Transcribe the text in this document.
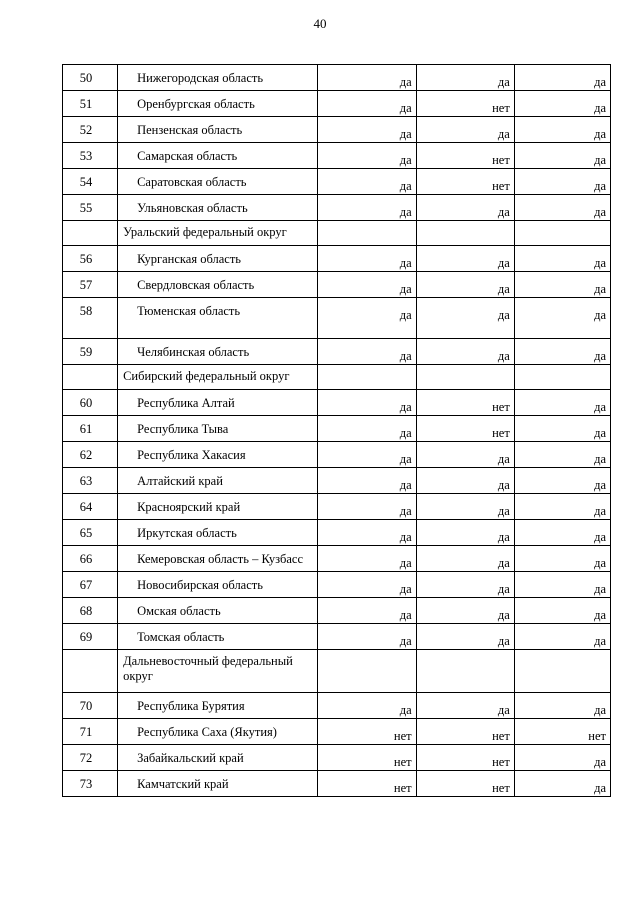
40
50	Нижегородская область	да	да	да
51	Оренбургская область	да	нет	да
52	Пензенская область	да	да	да
53	Самарская область	да	нет	да
54	Саратовская область	да	нет	да
55	Ульяновская область	да	да	да
	Уральский федеральный округ			
56	Курганская область	да	да	да
57	Свердловская область	да	да	да
58	Тюменская область	да	да	да
59	Челябинская область	да	да	да
	Сибирский федеральный округ			
60	Республика Алтай	да	нет	да
61	Республика Тыва	да	нет	да
62	Республика Хакасия	да	да	да
63	Алтайский край	да	да	да
64	Красноярский край	да	да	да
65	Иркутская область	да	да	да
66	Кемеровская область – Кузбасс	да	да	да
67	Новосибирская область	да	да	да
68	Омская область	да	да	да
69	Томская область	да	да	да
	Дальневосточный федеральный округ			
70	Республика Бурятия	да	да	да
71	Республика Саха (Якутия)	нет	нет	нет
72	Забайкальский край	нет	нет	да
73	Камчатский край	нет	нет	да
